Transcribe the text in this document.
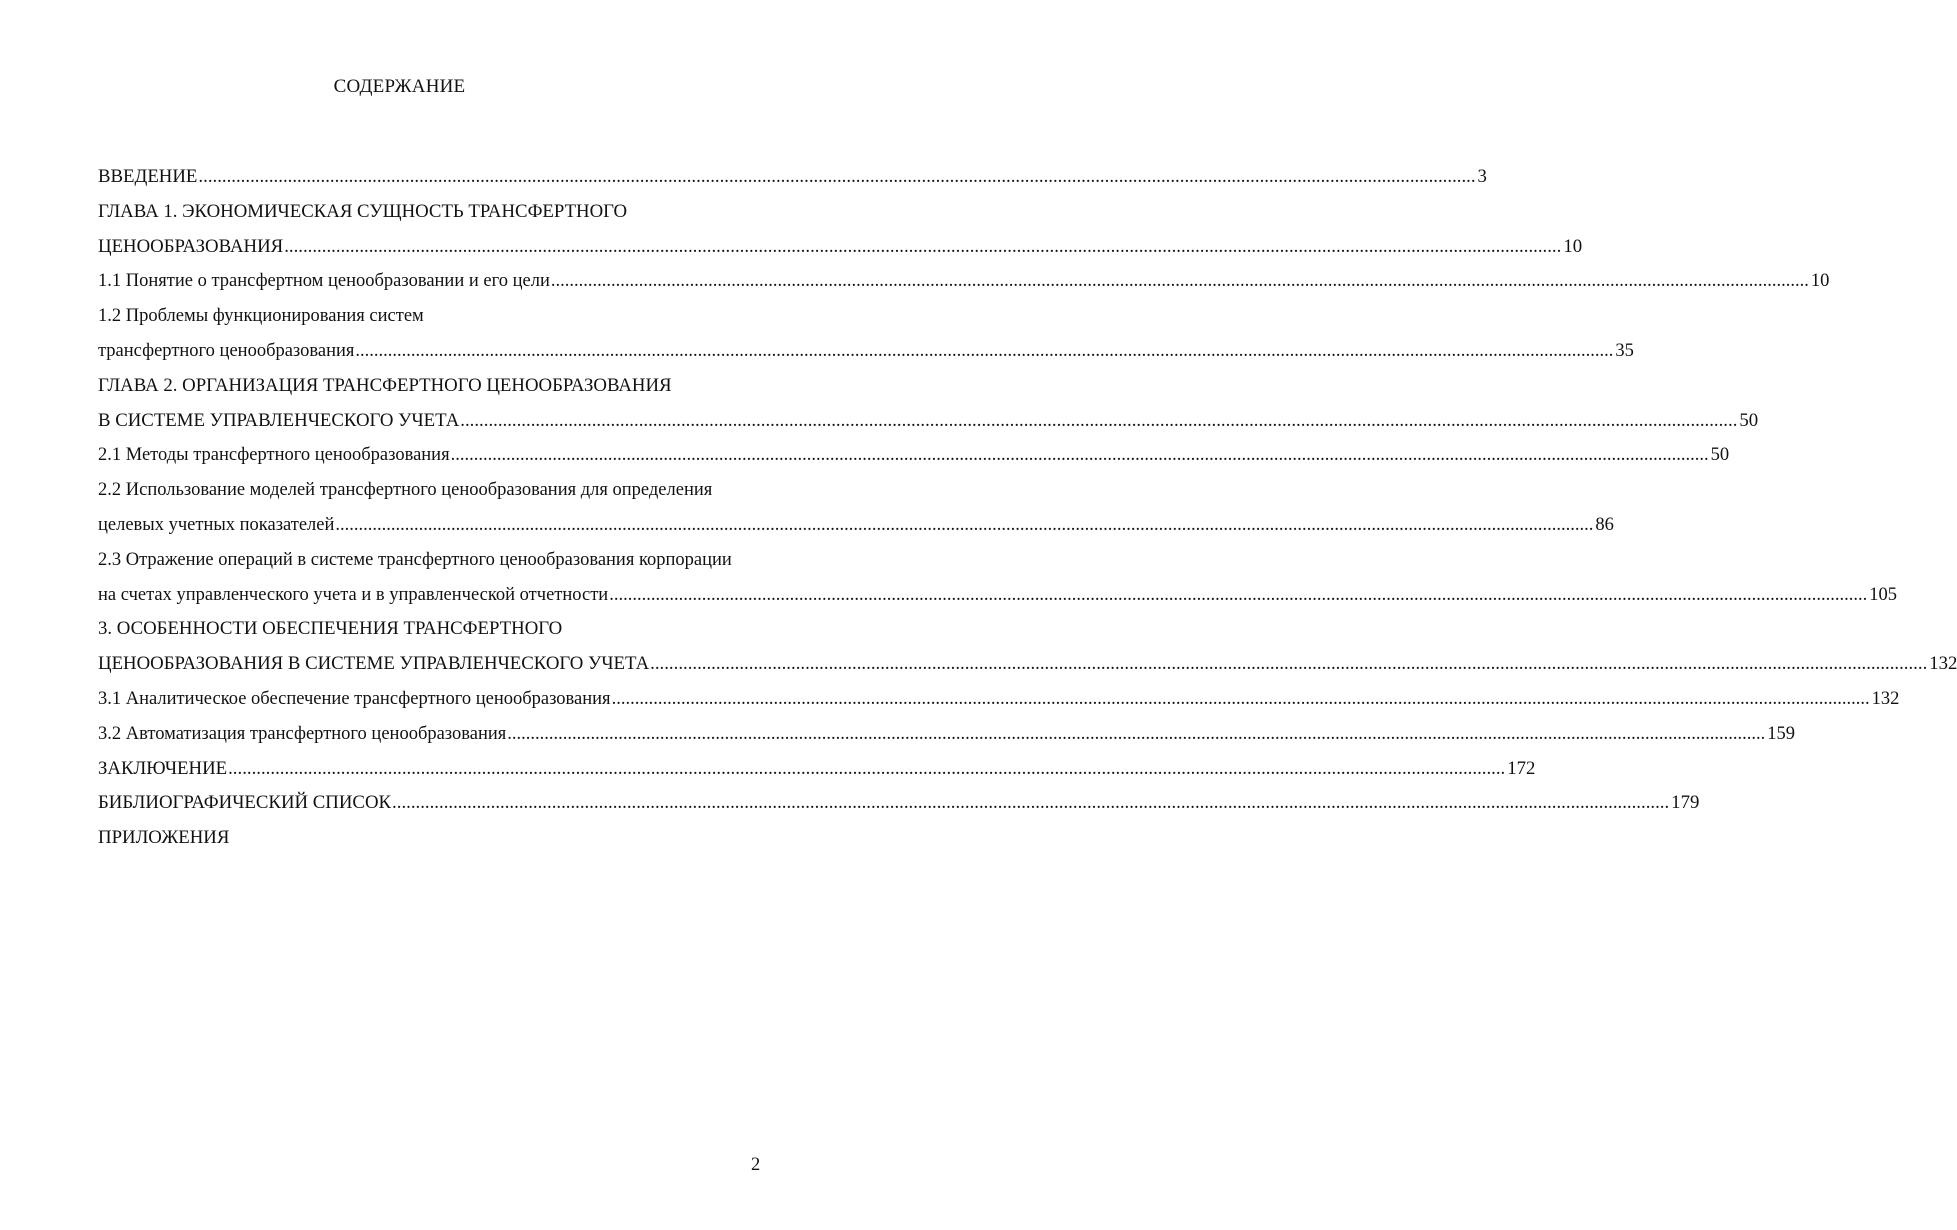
СОДЕРЖАНИЕ
ВВЕДЕНИЕ .....	3
ГЛАВА 1. ЭКОНОМИЧЕСКАЯ СУЩНОСТЬ ТРАНСФЕРТНОГО
ЦЕНООБРАЗОВАНИЯ .....	10
1.1 Понятие о трансфертном ценообразовании и его цели .....	10
1.2 Проблемы функционирования систем
трансфертного ценообразования .....	35
ГЛАВА 2. ОРГАНИЗАЦИЯ ТРАНСФЕРТНОГО ЦЕНООБРАЗОВАНИЯ
В СИСТЕМЕ УПРАВЛЕНЧЕСКОГО УЧЕТА .....	50
2.1 Методы трансфертного ценообразования .....	50
2.2 Использование моделей трансфертного ценообразования для определения
целевых учетных показателей .....	86
2.3 Отражение операций в системе трансфертного ценообразования корпорации
на счетах управленческого учета и в управленческой отчетности .....	105
3. ОСОБЕННОСТИ ОБЕСПЕЧЕНИЯ ТРАНСФЕРТНОГО
ЦЕНООБРАЗОВАНИЯ В СИСТЕМЕ УПРАВЛЕНЧЕСКОГО УЧЕТА .....	132
3.1 Аналитическое обеспечение трансфертного ценообразования .....	132
3.2 Автоматизация трансфертного ценообразования .....	159
ЗАКЛЮЧЕНИЕ .....	172
БИБЛИОГРАФИЧЕСКИЙ СПИСОК .....	179
ПРИЛОЖЕНИЯ
2
